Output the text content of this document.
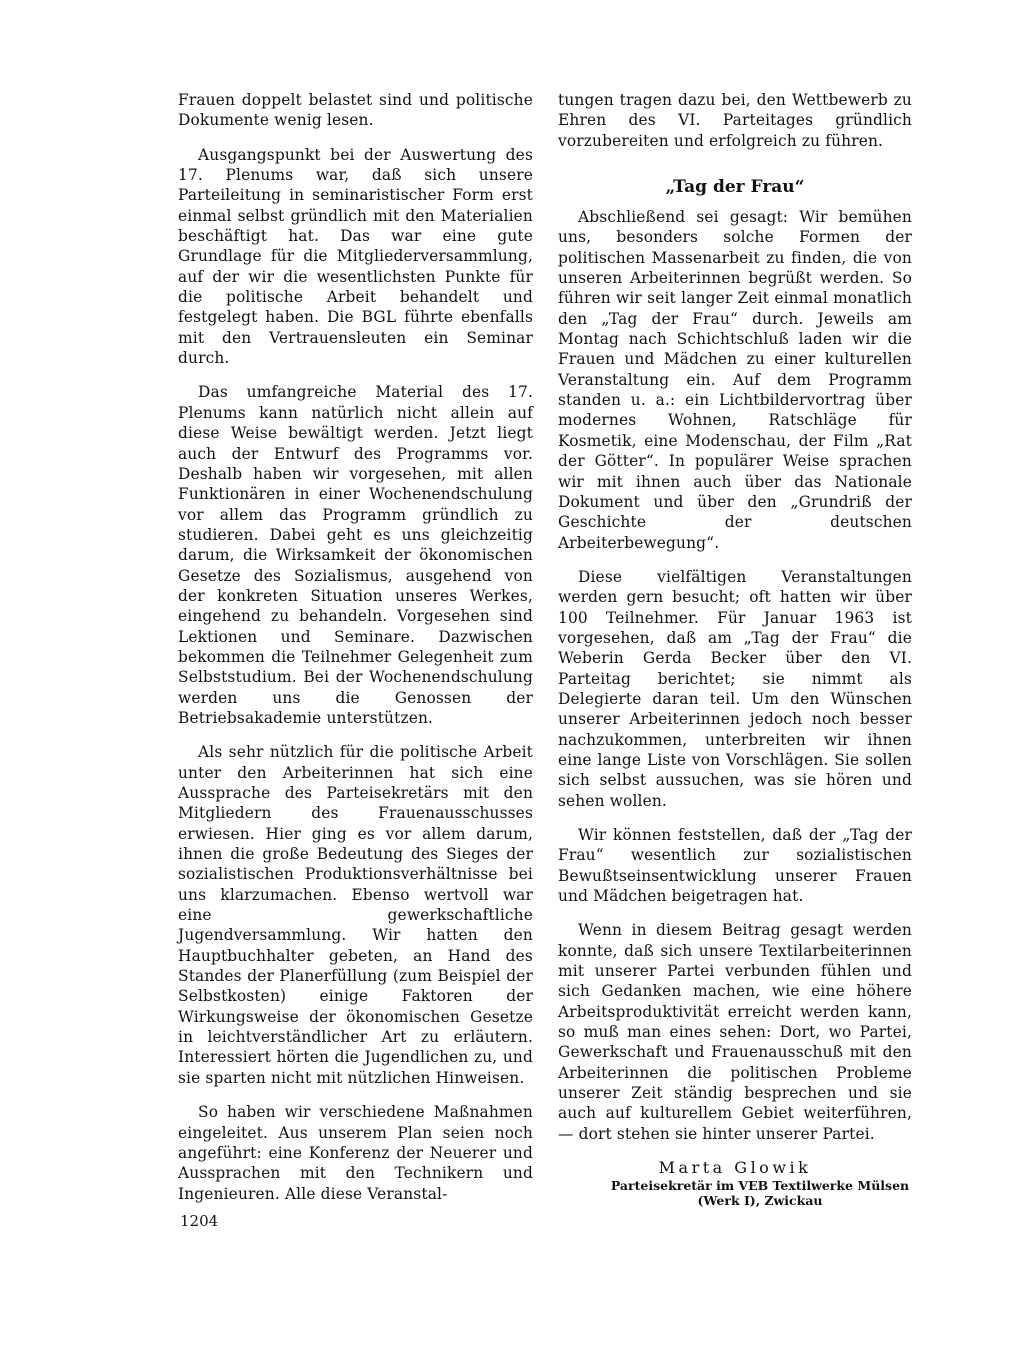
Frauen doppelt belastet sind und politische Dokumente wenig lesen.

Ausgangspunkt bei der Auswertung des 17. Plenums war, daß sich unsere Parteileitung in seminaristischer Form erst einmal selbst gründlich mit den Materialien beschäftigt hat. Das war eine gute Grundlage für die Mitgliederversammlung, auf der wir die wesentlichsten Punkte für die politische Arbeit behandelt und festgelegt haben. Die BGL führte ebenfalls mit den Vertrauensleuten ein Seminar durch.

Das umfangreiche Material des 17. Plenums kann natürlich nicht allein auf diese Weise bewältigt werden. Jetzt liegt auch der Entwurf des Programms vor. Deshalb haben wir vorgesehen, mit allen Funktionären in einer Wochenendschulung vor allem das Programm gründlich zu studieren. Dabei geht es uns gleichzeitig darum, die Wirksamkeit der ökonomischen Gesetze des Sozialismus, ausgehend von der konkreten Situation unseres Werkes, eingehend zu behandeln. Vorgesehen sind Lektionen und Seminare. Dazwischen bekommen die Teilnehmer Gelegenheit zum Selbststudium. Bei der Wochenendschulung werden uns die Genossen der Betriebsakademie unterstützen.

Als sehr nützlich für die politische Arbeit unter den Arbeiterinnen hat sich eine Aussprache des Parteisekretärs mit den Mitgliedern des Frauenausschusses erwiesen. Hier ging es vor allem darum, ihnen die große Bedeutung des Sieges der sozialistischen Produktionsverhältnisse bei uns klarzumachen. Ebenso wertvoll war eine gewerkschaftliche Jugendversammlung. Wir hatten den Hauptbuchhalter gebeten, an Hand des Standes der Planerfüllung (zum Beispiel der Selbstkosten) einige Faktoren der Wirkungsweise der ökonomischen Gesetze in leichtverständlicher Art zu erläutern. Interessiert hörten die Jugendlichen zu, und sie sparten nicht mit nützlichen Hinweisen.

So haben wir verschiedene Maßnahmen eingeleitet. Aus unserem Plan seien noch angeführt: eine Konferenz der Neuerer und Aussprachen mit den Technikern und Ingenieuren. Alle diese Veranstal-

tungen tragen dazu bei, den Wettbewerb zu Ehren des VI. Parteitages gründlich vorzubereiten und erfolgreich zu führen.

„Tag der Frau“

Abschließend sei gesagt: Wir bemühen uns, besonders solche Formen der politischen Massenarbeit zu finden, die von unseren Arbeiterinnen begrüßt werden. So führen wir seit langer Zeit einmal monatlich den „Tag der Frau“ durch. Jeweils am Montag nach Schichtschluß laden wir die Frauen und Mädchen zu einer kulturellen Veranstaltung ein. Auf dem Programm standen u. a.: ein Lichtbildervortrag über modernes Wohnen, Ratschläge für Kosmetik, eine Modenschau, der Film „Rat der Götter“. In populärer Weise sprachen wir mit ihnen auch über das Nationale Dokument und über den „Grundriß der Geschichte der deutschen Arbeiterbewegung“.

Diese vielfältigen Veranstaltungen werden gern besucht; oft hatten wir über 100 Teilnehmer. Für Januar 1963 ist vorgesehen, daß am „Tag der Frau“ die Weberin Gerda Becker über den VI. Parteitag berichtet; sie nimmt als Delegierte daran teil. Um den Wünschen unserer Arbeiterinnen jedoch noch besser nachzukommen, unterbreiten wir ihnen eine lange Liste von Vorschlägen. Sie sollen sich selbst aussuchen, was sie hören und sehen wollen.

Wir können feststellen, daß der „Tag der Frau“ wesentlich zur sozialistischen Bewußtseinsentwicklung unserer Frauen und Mädchen beigetragen hat.

Wenn in diesem Beitrag gesagt werden konnte, daß sich unsere Textilarbeiterinnen mit unserer Partei verbunden fühlen und sich Gedanken machen, wie eine höhere Arbeitsproduktivität erreicht werden kann, so muß man eines sehen: Dort, wo Partei, Gewerkschaft und Frauenausschuß mit den Arbeiterinnen die politischen Probleme unserer Zeit ständig besprechen und sie auch auf kulturellem Gebiet weiterführen, — dort stehen sie hinter unserer Partei.

Marta Glowik
Parteisekretär im VEB Textilwerke Mülsen
(Werk I), Zwickau
1204
